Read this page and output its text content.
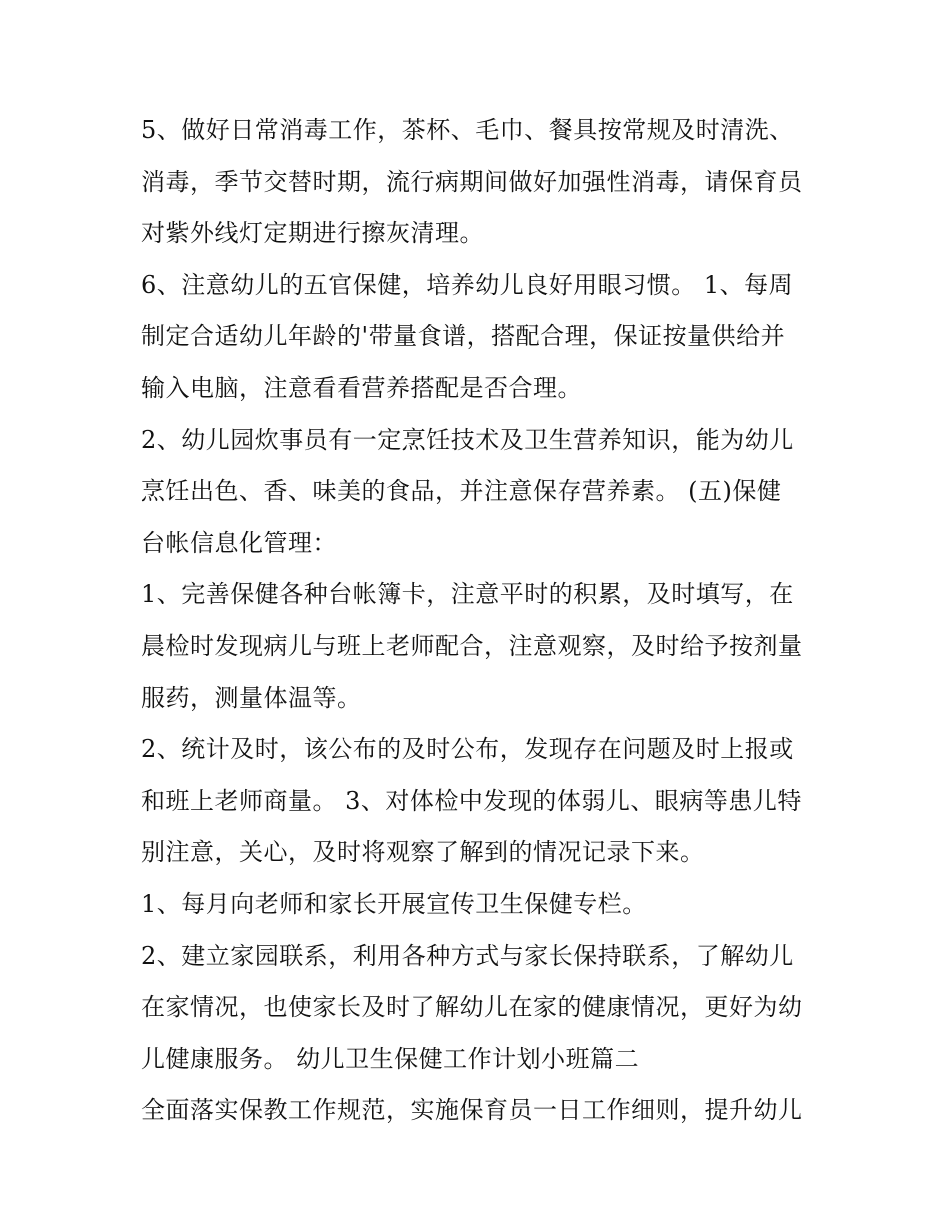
5、做好日常消毒工作，茶杯、毛巾、餐具按常规及时清洗、
消毒，季节交替时期，流行病期间做好加强性消毒，请保育员
对紫外线灯定期进行擦灰清理。
6、注意幼儿的五官保健，培养幼儿良好用眼习惯。 1、每周
制定合适幼儿年龄的'带量食谱，搭配合理，保证按量供给并
输入电脑，注意看看营养搭配是否合理。
2、幼儿园炊事员有一定烹饪技术及卫生营养知识，能为幼儿
烹饪出色、香、味美的食品，并注意保存营养素。 (五)保健
台帐信息化管理：
1、完善保健各种台帐簿卡，注意平时的积累，及时填写，在
晨检时发现病儿与班上老师配合，注意观察，及时给予按剂量
服药，测量体温等。
2、统计及时，该公布的及时公布，发现存在问题及时上报或
和班上老师商量。 3、对体检中发现的体弱儿、眼病等患儿特
别注意，关心，及时将观察了解到的情况记录下来。
1、每月向老师和家长开展宣传卫生保健专栏。
2、建立家园联系，利用各种方式与家长保持联系，了解幼儿
在家情况，也使家长及时了解幼儿在家的健康情况，更好为幼
儿健康服务。 幼儿卫生保健工作计划小班篇二
全面落实保教工作规范，实施保育员一日工作细则，提升幼儿
